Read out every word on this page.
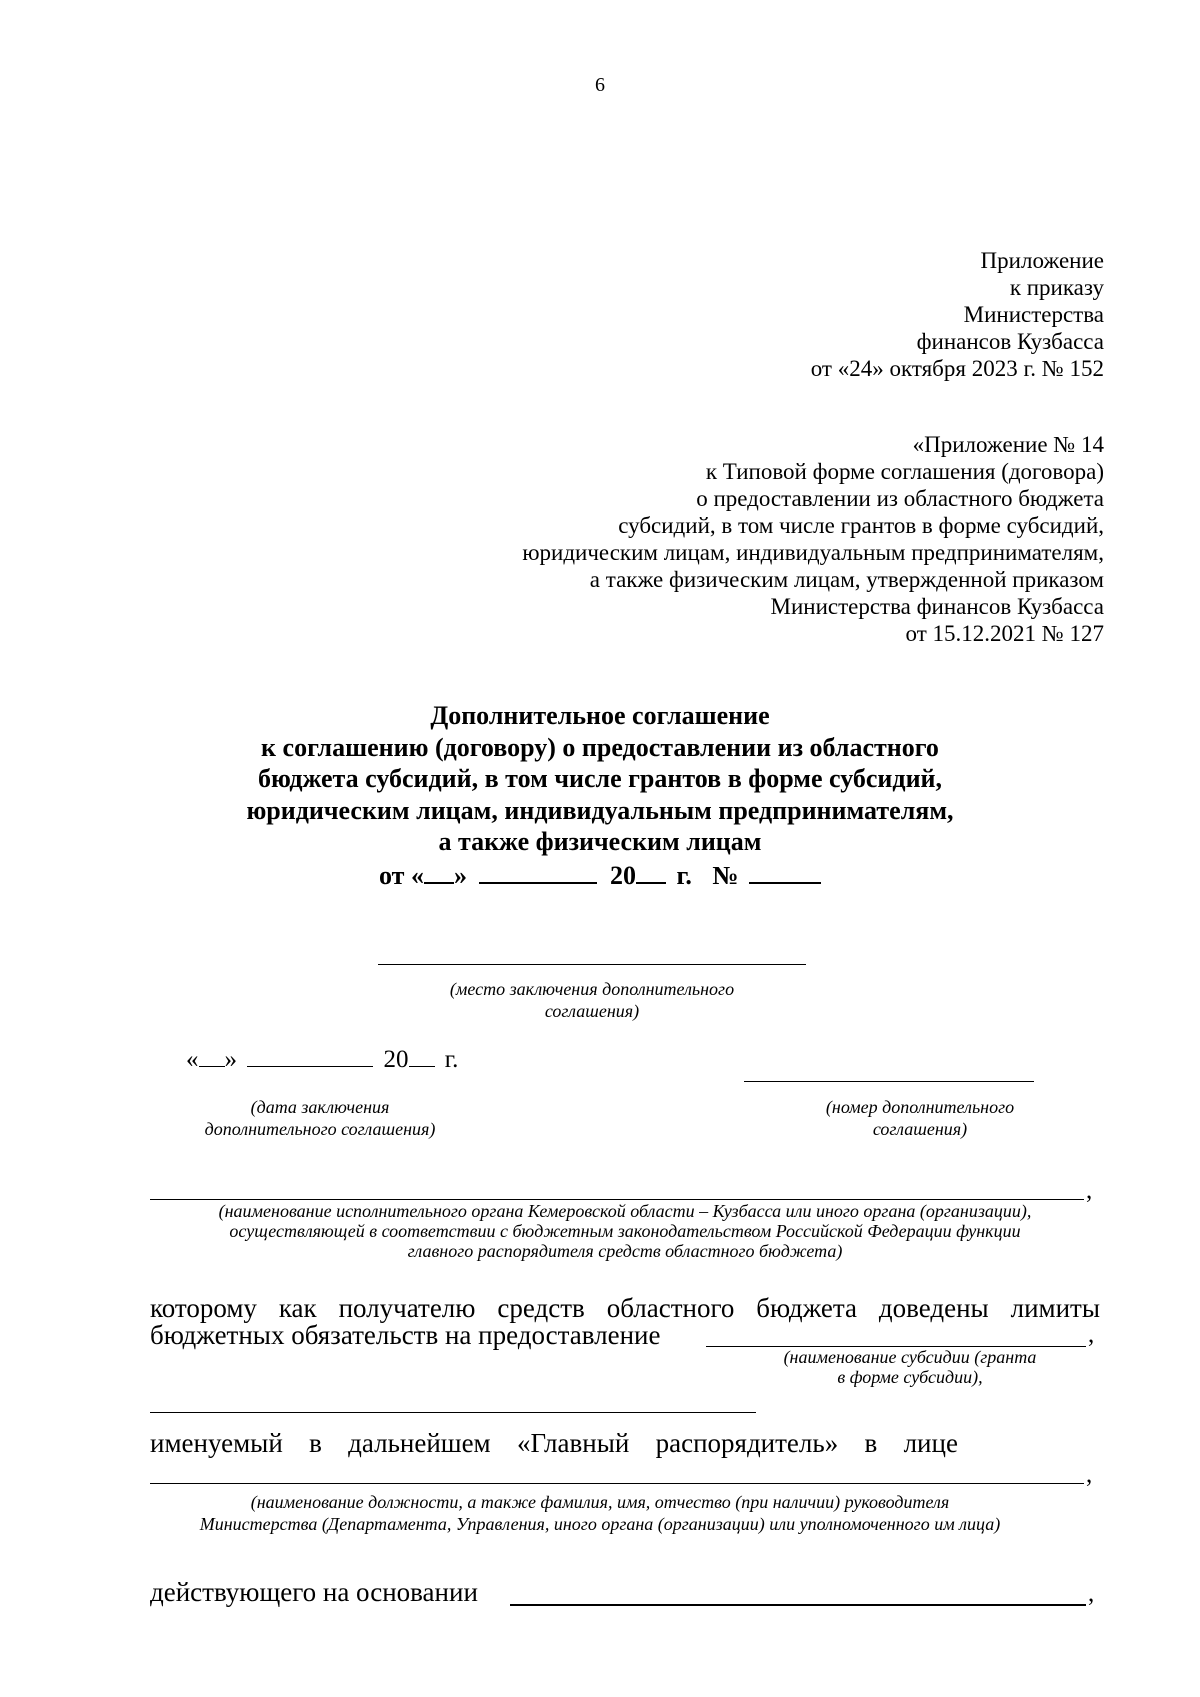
6
Приложение
к приказу
Министерства
финансов Кузбасса
от «24» октября 2023 г. № 152
«Приложение № 14
к Типовой форме соглашения (договора)
о предоставлении из областного бюджета
субсидий, в том числе грантов в форме субсидий,
юридическим лицам, индивидуальным предпринимателям,
а также физическим лицам, утвержденной приказом
Министерства финансов Кузбасса
от 15.12.2021 № 127
Дополнительное соглашение
к соглашению (договору) о предоставлении из областного
бюджета субсидий, в том числе грантов в форме субсидий,
юридическим лицам, индивидуальным предпринимателям,
а также физическим лицам
от « »	20 г. №
(место заключения дополнительного
соглашения)
« »	20 г.
(дата заключения
дополнительного соглашения)
(номер дополнительного
соглашения)
,
(наименование исполнительного органа Кемеровской области – Кузбасса или иного органа (организации),
осуществляющей в соответствии с бюджетным законодательством Российской Федерации функции
главного распорядителя средств областного бюджета)
которому как получателю средств областного бюджета доведены лимиты
бюджетных обязательств на предоставление	,
(наименование субсидии (гранта
в форме субсидии),
именуемый в дальнейшем «Главный распорядитель» в лице
,
(наименование должности, а также фамилия, имя, отчество (при наличии) руководителя
Министерства (Департамента, Управления, иного органа (организации) или уполномоченного им лица)
действующего на основании	,
